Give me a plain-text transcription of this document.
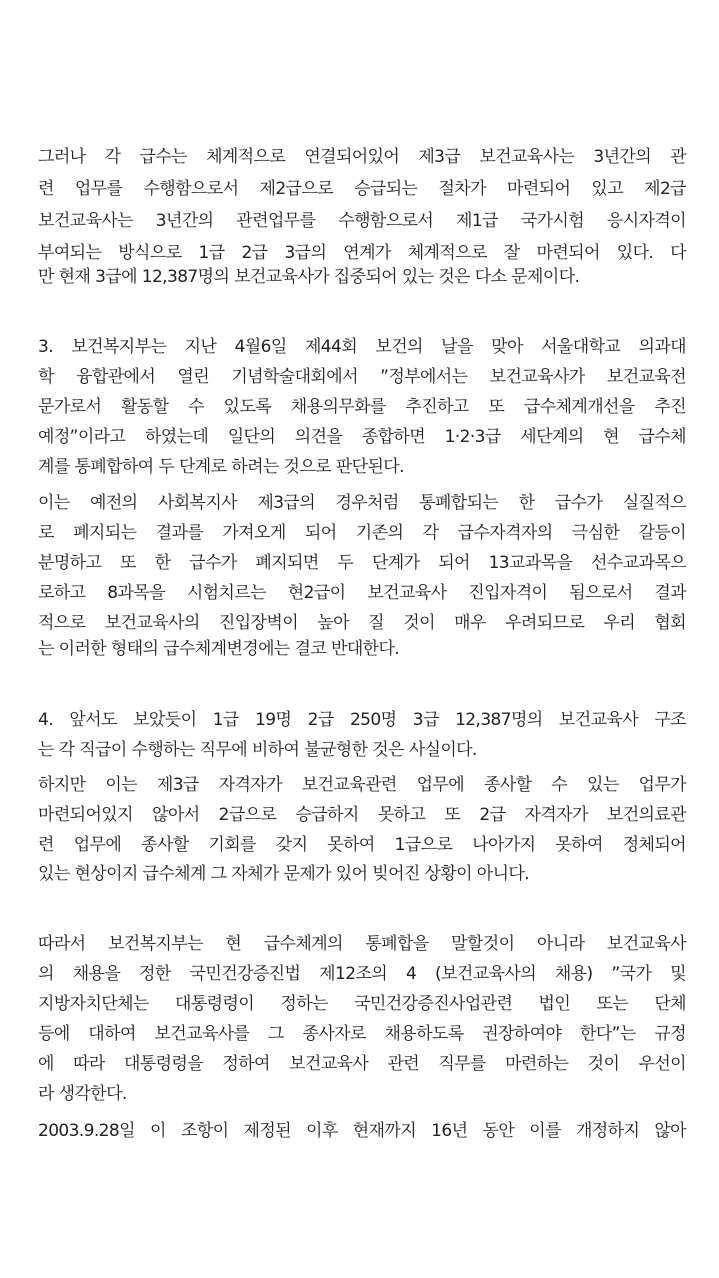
그러나 각 급수는 체계적으로 연결되어있어 제3급 보건교육사는 3년간의 관
련 업무를 수행함으로서 제2급으로 승급되는 절차가 마련되어 있고 제2급
보건교육사는 3년간의 관련업무를 수행함으로서 제1급 국가시험 응시자격이
부여되는 방식으로 1급 2급 3급의 연계가 체계적으로 잘 마련되어 있다. 다
만 현재 3급에 12,387명의 보건교육사가 집중되어 있는 것은 다소 문제이다.
3. 보건복지부는 지난 4월6일 제44회 보건의 날을 맞아 서울대학교 의과대
학 융합관에서 열린 기념학술대회에서 ”정부에서는 보건교육사가 보건교육전
문가로서 활동할 수 있도록 채용의무화를 추진하고 또 급수체계개선을 추진
예정”이라고 하였는데 일단의 의견을 종합하면 1·2·3급 세단계의 현 급수체
계를 통폐합하여 두 단계로 하려는 것으로 판단된다.
이는 예전의 사회복지사 제3급의 경우처럼 통폐합되는 한 급수가 실질적으
로 폐지되는 결과를 가져오게 되어 기존의 각 급수자격자의 극심한 갈등이
분명하고 또 한 급수가 폐지되면 두 단계가 되어 13교과목을 선수교과목으
로하고 8과목을 시험치르는 현2급이 보건교육사 진입자격이 됨으로서 결과
적으로 보건교육사의 진입장벽이 높아 질 것이 매우 우려되므로 우리 협회
는 이러한 형태의 급수체계변경에는 결코 반대한다.
4. 앞서도 보았듯이 1급 19명 2급 250명 3급 12,387명의 보건교육사 구조
는 각 직급이 수행하는 직무에 비하여 불균형한 것은 사실이다.
하지만 이는 제3급 자격자가 보건교육관련 업무에 종사할 수 있는 업무가
마련되어있지 않아서 2급으로 승급하지 못하고 또 2급 자격자가 보건의료관
련 업무에 종사할 기회를 갖지 못하여 1급으로 나아가지 못하여 정체되어
있는 현상이지 급수체계 그 자체가 문제가 있어 빚어진 상황이 아니다.
따라서 보건복지부는 현 급수체계의 통폐합을 말할것이 아니라 보건교육사
의 채용을 정한 국민건강증진법 제12조의 4 (보건교육사의 채용) ”국가 및
지방자치단체는 대통령령이 정하는 국민건강증진사업관련 법인 또는 단체
등에 대하여 보건교육사를 그 종사자로 채용하도록 권장하여야 한다”는 규정
에 따라 대통령령을 정하여 보건교육사 관련 직무를 마련하는 것이 우선이
라 생각한다.
2003.9.28일 이 조항이 제정된 이후 현재까지 16년 동안 이를 개정하지 않아
